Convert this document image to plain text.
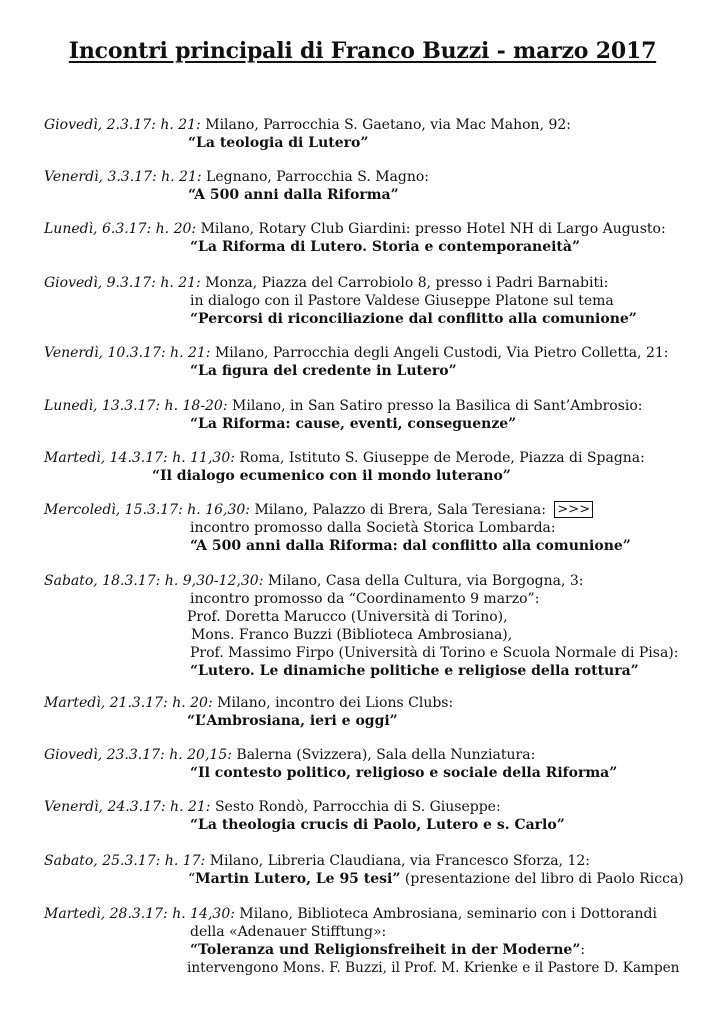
Incontri principali di Franco Buzzi - marzo 2017
Giovedì, 2.3.17: h. 21: Milano, Parrocchia S. Gaetano, via Mac Mahon, 92:
“La teologia di Lutero”
Venerdì, 3.3.17: h. 21: Legnano, Parrocchia S. Magno:
“A 500 anni dalla Riforma”
Lunedì, 6.3.17: h. 20: Milano, Rotary Club Giardini: presso Hotel NH di Largo Augusto:
“La Riforma di Lutero. Storia e contemporaneità”
Giovedì, 9.3.17: h. 21: Monza, Piazza del Carrobiolo 8, presso i Padri Barnabiti:
in dialogo con il Pastore Valdese Giuseppe Platone sul tema
“Percorsi di riconciliazione dal conflitto alla comunione”
Venerdì, 10.3.17: h. 21: Milano, Parrocchia degli Angeli Custodi, Via Pietro Colletta, 21:
“La figura del credente in Lutero”
Lunedì, 13.3.17: h. 18-20: Milano, in San Satiro presso la Basilica di Sant’Ambrosio:
“La Riforma: cause, eventi, conseguenze”
Martedì, 14.3.17: h. 11,30: Roma, Istituto S. Giuseppe de Merode, Piazza di Spagna:
“Il dialogo ecumenico con il mondo luterano”
Mercoledì, 15.3.17: h. 16,30: Milano, Palazzo di Brera, Sala Teresiana: >>>
incontro promosso dalla Società Storica Lombarda:
“A 500 anni dalla Riforma: dal conflitto alla comunione”
Sabato, 18.3.17: h. 9,30-12,30: Milano, Casa della Cultura, via Borgogna, 3:
incontro promosso da “Coordinamento 9 marzo”:
Prof. Doretta Marucco (Università di Torino),
Mons. Franco Buzzi (Biblioteca Ambrosiana),
Prof. Massimo Firpo (Università di Torino e Scuola Normale di Pisa):
“Lutero. Le dinamiche politiche e religiose della rottura”
Martedì, 21.3.17: h. 20: Milano, incontro dei Lions Clubs:
“L’Ambrosiana, ieri e oggi”
Giovedì, 23.3.17: h. 20,15: Balerna (Svizzera), Sala della Nunziatura:
“Il contesto politico, religioso e sociale della Riforma”
Venerdì, 24.3.17: h. 21: Sesto Rondò, Parrocchia di S. Giuseppe:
“La theologia crucis di Paolo, Lutero e s. Carlo”
Sabato, 25.3.17: h. 17: Milano, Libreria Claudiana, via Francesco Sforza, 12:
“Martin Lutero, Le 95 tesi” (presentazione del libro di Paolo Ricca)
Martedì, 28.3.17: h. 14,30: Milano, Biblioteca Ambrosiana, seminario con i Dottorandi
della «Adenauer Stifftung»:
“Toleranza und Religionsfreiheit in der Moderne”:
intervengono Mons. F. Buzzi, il Prof. M. Krienke e il Pastore D. Kampen
